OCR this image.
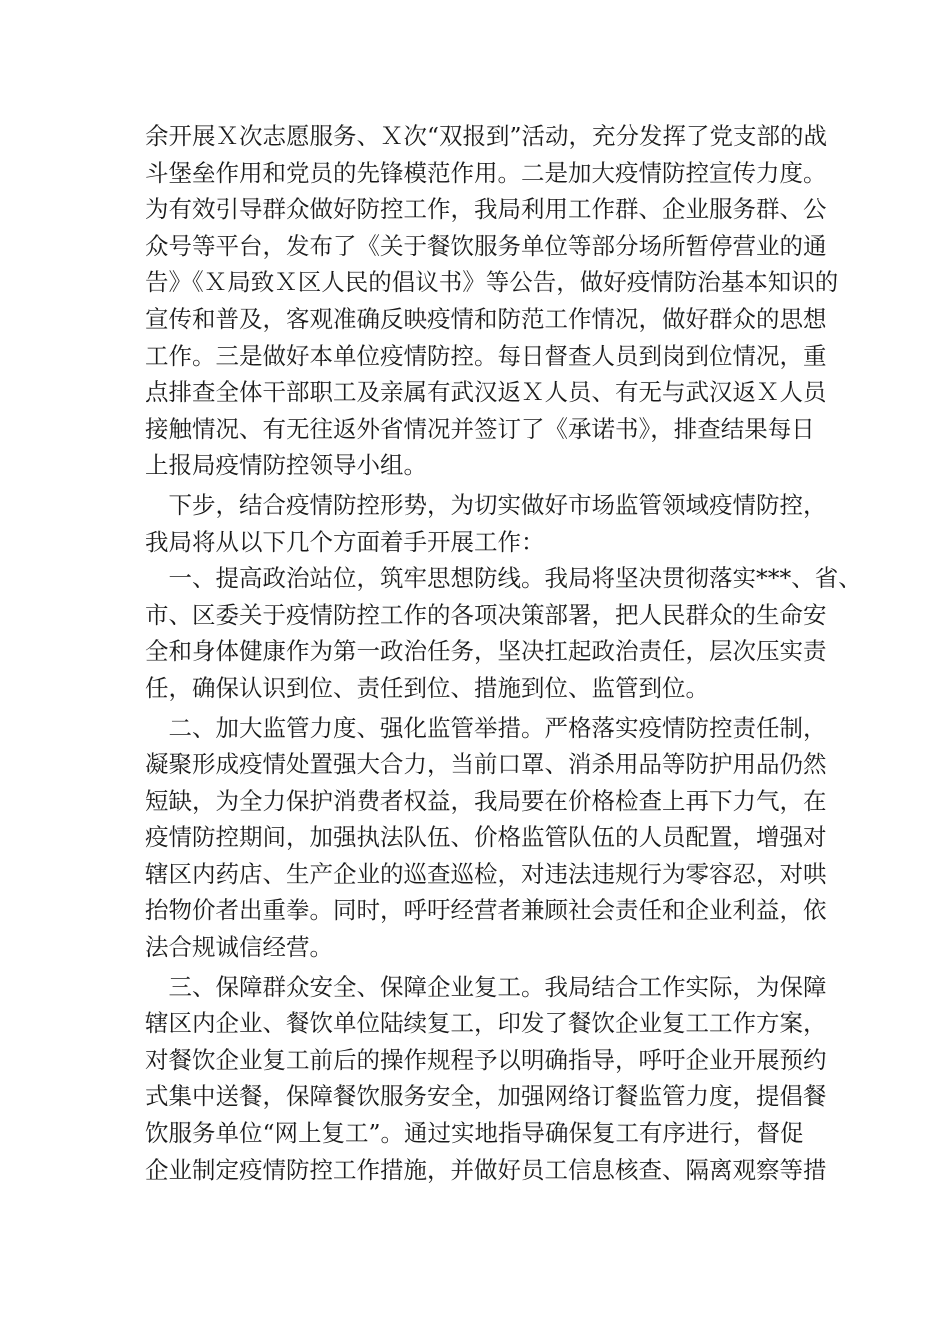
余开展Ｘ次志愿服务、Ｘ次“双报到”活动，充分发挥了党支部的战
斗堡垒作用和党员的先锋模范作用。二是加大疫情防控宣传力度。
为有效引导群众做好防控工作，我局利用工作群、企业服务群、公
众号等平台，发布了《关于餐饮服务单位等部分场所暂停营业的通
告》《Ｘ局致Ｘ区人民的倡议书》等公告，做好疫情防治基本知识的
宣传和普及，客观准确反映疫情和防范工作情况，做好群众的思想
工作。三是做好本单位疫情防控。每日督查人员到岗到位情况，重
点排查全体干部职工及亲属有武汉返Ｘ人员、有无与武汉返Ｘ人员
接触情况、有无往返外省情况并签订了《承诺书》，排查结果每日
上报局疫情防控领导小组。
　下步，结合疫情防控形势，为切实做好市场监管领域疫情防控，
我局将从以下几个方面着手开展工作：
　一、提高政治站位，筑牢思想防线。我局将坚决贯彻落实***、省、
市、区委关于疫情防控工作的各项决策部署，把人民群众的生命安
全和身体健康作为第一政治任务，坚决扛起政治责任，层次压实责
任，确保认识到位、责任到位、措施到位、监管到位。
　二、加大监管力度、强化监管举措。严格落实疫情防控责任制，
凝聚形成疫情处置强大合力，当前口罩、消杀用品等防护用品仍然
短缺，为全力保护消费者权益，我局要在价格检查上再下力气，在
疫情防控期间，加强执法队伍、价格监管队伍的人员配置，增强对
辖区内药店、生产企业的巡查巡检，对违法违规行为零容忍，对哄
抬物价者出重拳。同时，呼吁经营者兼顾社会责任和企业利益，依
法合规诚信经营。
　三、保障群众安全、保障企业复工。我局结合工作实际，为保障
辖区内企业、餐饮单位陆续复工，印发了餐饮企业复工工作方案，
对餐饮企业复工前后的操作规程予以明确指导，呼吁企业开展预约
式集中送餐，保障餐饮服务安全，加强网络订餐监管力度，提倡餐
饮服务单位“网上复工”。通过实地指导确保复工有序进行，督促
企业制定疫情防控工作措施，并做好员工信息核查、隔离观察等措
